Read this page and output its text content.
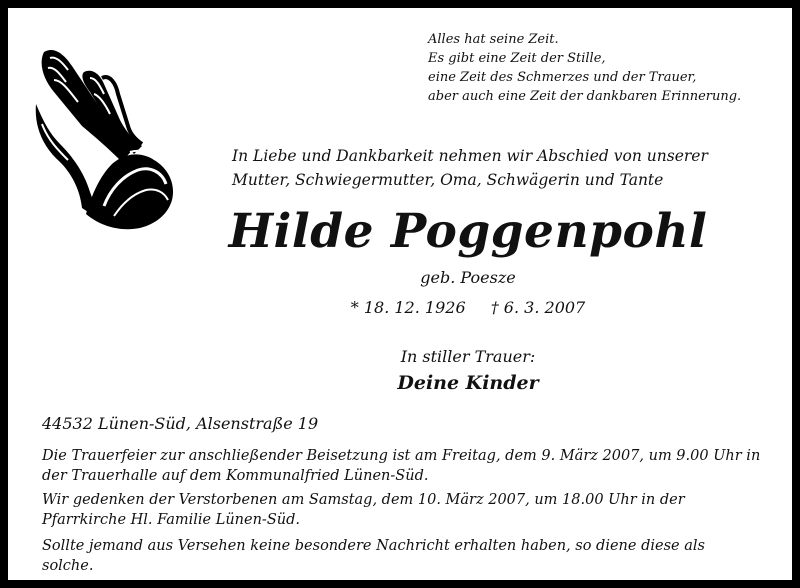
Alles hat seine Zeit.
Es gibt eine Zeit der Stille,
eine Zeit des Schmerzes und der Trauer,
aber auch eine Zeit der dankbaren Erinnerung.
In Liebe und Dankbarkeit nehmen wir Abschied von unserer
Mutter, Schwiegermutter, Oma, Schwägerin und Tante
Hilde Poggenpohl
geb. Poesze
* 18. 12. 1926 † 6. 3. 2007
In stiller Trauer:
Deine Kinder
44532 Lünen-Süd, Alsenstraße 19
Die Trauerfeier zur anschließender Beisetzung ist am Freitag, dem 9. März 2007, um 9.00 Uhr in
der Trauerhalle auf dem Kommunalfried Lünen-Süd.
Wir gedenken der Verstorbenen am Samstag, dem 10. März 2007, um 18.00 Uhr in der
Pfarrkirche Hl. Familie Lünen-Süd.
Sollte jemand aus Versehen keine besondere Nachricht erhalten haben, so diene diese als
solche.
